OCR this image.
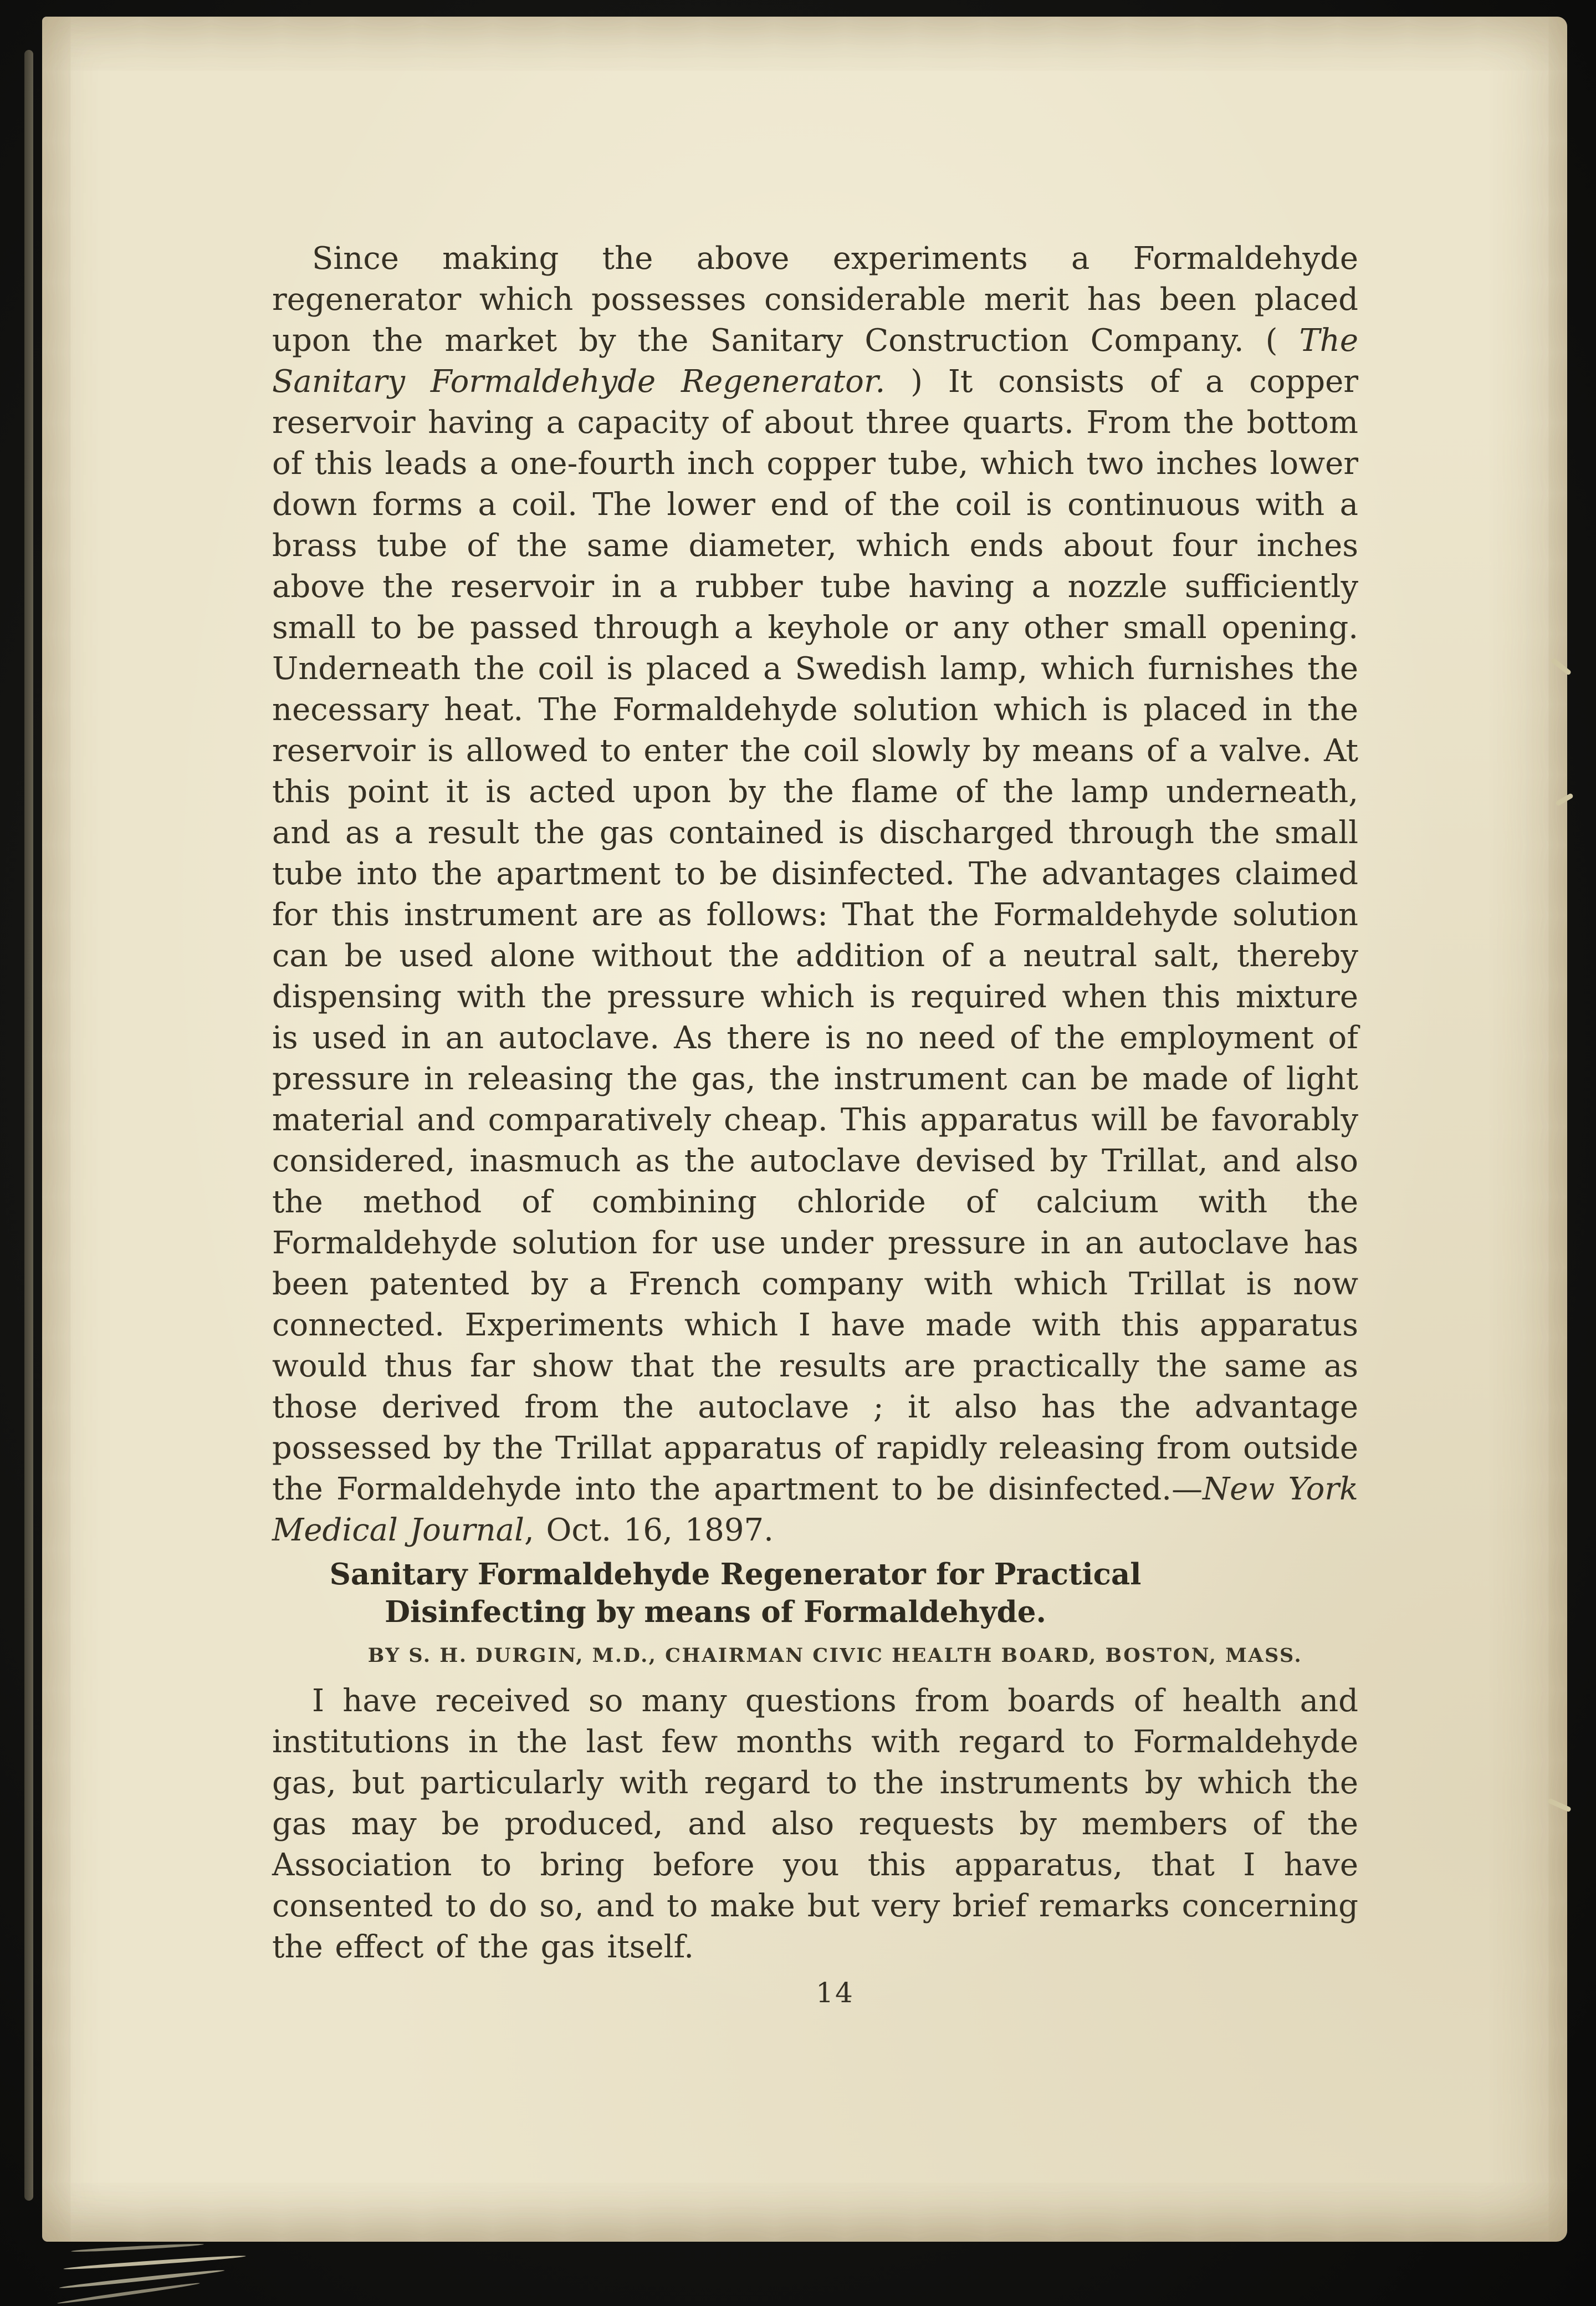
Since making the above experiments a Formaldehyde regenerator which possesses considerable merit has been placed upon the market by the Sanitary Construction Company. ( The Sanitary Formaldehyde Regenerator. ) It consists of a copper reservoir having a capacity of about three quarts. From the bottom of this leads a one-fourth inch copper tube, which two inches lower down forms a coil. The lower end of the coil is continuous with a brass tube of the same diameter, which ends about four inches above the reservoir in a rubber tube having a nozzle sufficiently small to be passed through a keyhole or any other small opening. Underneath the coil is placed a Swedish lamp, which furnishes the necessary heat. The Formaldehyde solution which is placed in the reservoir is allowed to enter the coil slowly by means of a valve. At this point it is acted upon by the flame of the lamp underneath, and as a result the gas contained is discharged through the small tube into the apartment to be disinfected. The advantages claimed for this instrument are as follows: That the Formaldehyde solution can be used alone without the addition of a neutral salt, thereby dispensing with the pressure which is required when this mixture is used in an autoclave. As there is no need of the employment of pressure in releasing the gas, the instrument can be made of light material and comparatively cheap. This apparatus will be favorably considered, inasmuch as the autoclave devised by Trillat, and also the method of combining chloride of calcium with the Formaldehyde solution for use under pressure in an autoclave has been patented by a French company with which Trillat is now connected. Experiments which I have made with this apparatus would thus far show that the results are practically the same as those derived from the autoclave ; it also has the advantage possessed by the Trillat apparatus of rapidly releasing from outside the Formaldehyde into the apartment to be disinfected.—New York Medical Journal, Oct. 16, 1897.

Sanitary Formaldehyde Regenerator for Practical Disinfecting by means of Formaldehyde.

BY S. H. DURGIN, M.D., CHAIRMAN CIVIC HEALTH BOARD, BOSTON, MASS.

I have received so many questions from boards of health and institutions in the last few months with regard to Formaldehyde gas, but particularly with regard to the instruments by which the gas may be produced, and also requests by members of the Association to bring before you this apparatus, that I have consented to do so, and to make but very brief remarks concerning the effect of the gas itself.

14
